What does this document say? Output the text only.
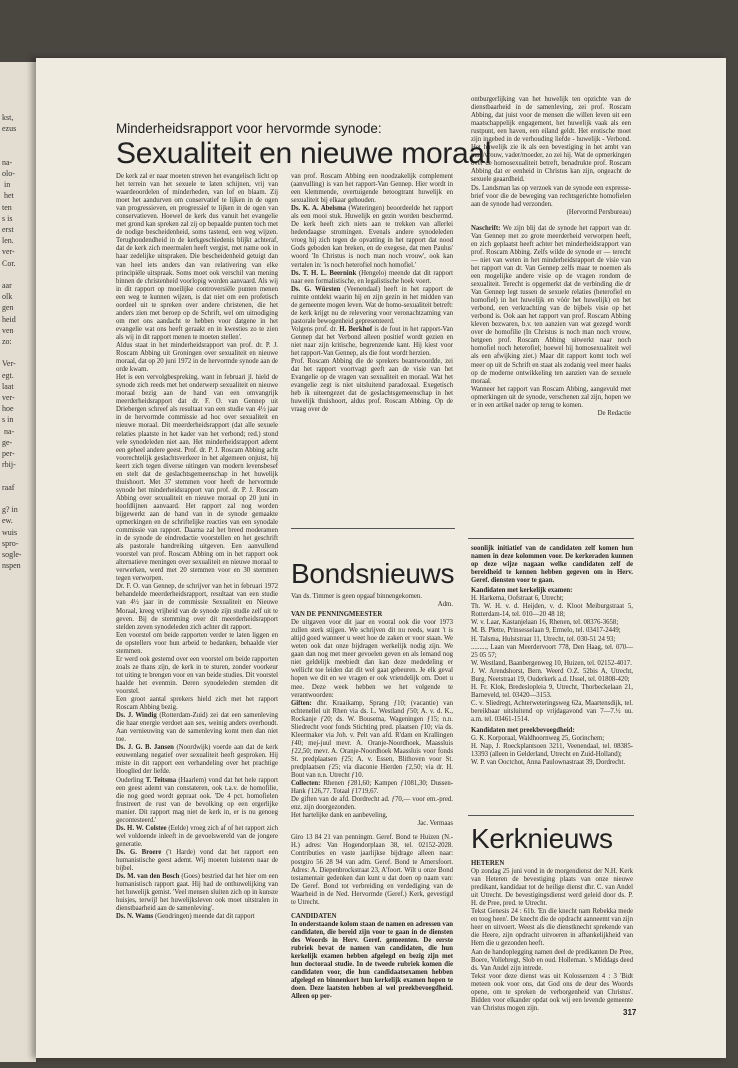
kst,
ezus

na-
olo-
in
het
ten
s is
erst
len.
ver-
Cor.

aar
olk
gen
heid
ven
zo:

Ver-
egt.
laat
ver-
hoe
s in
na-
ge-
per-
rbij-

raaf

g? in
ew.
wuis
spro-
sogle-
nspen
Minderheidsrapport voor hervormde synode:
Sexualiteit en nieuwe moraal

De kerk zal er naar moeten streven het evangelisch licht op het terrein van het sexuele te laten schijnen, vrij van waardeoordelen of minderheden, van lof en blaam. Zij moet het aandurven om conservatief te lijken in de ogen van progressieven, en progressief te lijken in de ogen van conservatieven. Hoewel de kerk dus vanuit het evangelie met grond kan spreken zal zij op bepaalde punten toch met de nodige bescheidenheid, soms tastend, een weg wijzen. Terughoudendheid in de kerkgeschiedenis blijkt achteraf, dat de kerk zich meermalen heeft vergist, met name ook in haar zedelijke uitspraken. Die bescheidenheid getuigt dan van heel iets anders dan van relativering van elke principiële uitspraak. Soms moet ook verschil van mening binnen de christenheid voorlopig worden aanvaard. Als wij in dit rapport op moeilijke controversiële punten menen een weg te kunnen wijzen, is dat niet om een profetisch oordeel uit te spreken over andere christenen, die het anders zien met beroep op de Schrift, wel om uitnodiging om met ons aandacht te hebben voor datgene in het evangelie wat ons heeft geraakt en in kwesties zo te zien als wij in dit rapport menen te moeten stellen'.

Aldus staat in het minderheidsrapport van prof. dr. P. J. Roscam Abbing uit Groningen over sexualiteit en nieuwe moraal, dat op 20 juni 1972 in de hervormde synode aan de orde kwam.

Het is een vervolgbespreking, want in februari jl. hield de synode zich reeds met het onderwerp sexualiteit en nieuwe moraal bezig aan de hand van een omvangrijk meerderheidsrapport dat dr. F. O. van Gennep uit Driebergen schreef als resultaat van een studie van 4½ jaar in de hervormde commissie ad hoc over sexualiteit en nieuwe moraal. Dit meerderheidsrapport (dat alle sexuele relaties plaatste in het kader van het verbond; red.) stond vele synodeleden niet aan. Het minderheidsrapport ademt een geheel andere geest. Prof. dr. P. J. Roscam Abbing acht voorechtelijk geslachtsverkeer in het algemeen onjuist, hij keert zich tegen diverse uitingen van modern levensbesef en stelt dat de geslachtsgemeenschap in het huwelijk thuishoort. Met 37 stemmen voor heeft de hervormde synode het minderheidsrapport van prof. dr. P. J. Roscam Abbing over sexualiteit en nieuwe moraal op 20 juni in hoofdlijnen aanvaard. Het rapport zal nog worden bijgewerkt aan de hand van in de synode gemaakte opmerkingen en de schriftelijke reacties van een synodale commissie van rapport. Daarna zal het breed moderamen in de synode de eindredactie voorstellen en het geschrift als pastorale handreiking uitgeven. Een aanvullend voorstel van prof. Roscam Abbing om in het rapport ook alternatieve meningen over sexualiteit en nieuwe moraal te verwerken, werd met 20 stemmen voor en 30 stemmen tegen verworpen.

Dr. F. O. van Gennep, de schrijver van het in februari 1972 behandelde meerderheidsrapport, resultaat van een studie van 4½ jaar in de commissie Sexualiteit en Nieuwe Moraal, kreeg vrijheid van de synode zijn studie zelf uit te geven. Bij de stemming over dit meerderheidsrapport stelden zeven synodeleden zich achter dit rapport.

Een voorstel om beide rapporten verder te laten liggen en de opstellers voor hun arbeid te bedanken, behaalde vier stemmen.

Er werd ook gestemd over een voorstel om beide rapporten zoals ze thans zijn, de kerk in te sturen, zonder voorkeur tot uiting te brengen voor en van beide studies. Dit voorstel haalde het evenmin. Deren synodeleden stemden dit voorstel.

Een groot aantal sprekers hield zich met het rapport Roscam Abbing bezig.

Ds. J. Windig (Rotterdam-Zuid) zei dat een samenleving die haar energie verdoet aan sex, weinig anders overhoudt. Aan vernieuwing van de samenleving komt men dan niet toe.

Ds. J. G. B. Jansen (Noordwijk) voerde aan dat de kerk eeuwenlang negatief over sexualiteit heeft gesproken. Hij miste in dit rapport een verhandeling over het prachtige Hooglied der liefde.

Ouderling T. Teitsma (Haarlem) vond dat het hele rapport een geest ademt van constateren, ook t.a.v. de homofilie, die nog goed wordt gepraat ook. 'De 4 pct. homofielen frustreert de rust van de bevolking op een ergerlijke manier. Dit rapport mag niet de kerk in, er is nu genoeg gecontesteerd.'

Ds. H. W. Colstee (Eelde) vroeg zich af of het rapport zich wel voldoende inleeft in de gevoelswereld van de jongere generatie.

Ds. G. Broere ('t Harde) vond dat het rapport een humanistische geest ademt. Wij moeten luisteren naar de bijbel.

Ds. M. van den Bosch (Goes) bestried dat het hier om een humanistisch rapport gaat. Hij had de onthuwelijking van het huwelijk gemist. 'Veel mensen sluiten zich op in kunsze huisjes, terwijl het huwelijksleven ook moet uitstralen in dienstbaarheid aan de samenleving'.

Ds. N. Wams (Gendringen) meende dat dit rapport

van prof. Roscam Abbing een noodzakelijk complement (aanvulling) is van het rapport-Van Gennep. Hier wordt in een klemmende, overtuigende betoogtrant huwelijk en sexualiteit bij elkaar gehouden.

Ds. K. A. Abelsma (Wateringen) beoordeelde het rapport als een mooi stuk. Huwelijk en gezin worden beschermd. De kerk heeft zich niets aan te trekken van allerlei hedendaagse stromingen. Evenals andere synodeleden vroeg hij zich tegen de opvatting in het rapport dat nood Gods geboden kan breken, en de exegese, dat men Paulus' woord 'In Christus is noch man noch vrouw', ook kan vertalen in: 'is noch heterofiel noch homofiel.'

Ds. T. H. L. Beernink (Hengelo) meende dat dit rapport naar een formalistische, en legalistische hoek voert.

Ds. G. Würsten (Veenendaal) heeft in het rapport de ruimte ontdekt waarin hij en zijn gezin in het midden van de gemeente mogen leven. Wat de homo-sexualiteit betreft: de kerk krijgt nu de relevering voor veronachtzaming van pastorale bewogenheid gepresenteerd.

Volgens prof. dr. H. Berkhof is de fout in het rapport-Van Gennep dat het Verbond alleen positief wordt gezien en niet naar zijn kritische, begrenzende kant. Hij kiest voor het rapport-Van Gennep, als die fout wordt herzien.

Prof. Roscam Abbing die de sprekers beantwoordde, zei dat het rapport voortvagt geeft aan de visie van het Evangelie op de vragen van sexualiteit en moraal. Wat het evangelie zegt is niet uitsluitend paradoxaal. Exegetisch heb ik uiteengezet dat de geslachtsgemeenschap in het huwelijk thuishoort, aldus prof. Roscam Abbing. Op de vraag over de

ontburgerlijking van het huwelijk ten opzichte van de dienstbaarheid in de samenleving, zei prof. Roscam Abbing, dat juist voor de mensen die willen leven uit een maatschappelijk engagement, het huwelijk vaak als een rustpunt, een haven, een eiland geldt. Het erotische moet zijn ingebed in de verhouding liefde - huwelijk - Verbond. Het huwelijk zie ik als een bevestiging in het ambt van man/vrouw, vader/moeder, zo zei hij. Wat de opmerkingen over de homosexualiteit betreft, benadrukte prof. Roscam Abbing dat er eenheid in Christus kan zijn, ongeacht de sexuele geaardheid.

Ds. Landsman las op verzoek van de synode een expresse-brief voor die de beweging van rechtsgerichte homofielen aan de synode had verzonden.

(Hervormd Persbureau)

Naschrift: We zijn blij dat de synode het rapport van dr. Van Gennep met zo grote meerderheid verworpen heeft, en zich geplaatst heeft achter het minderheidsrapport van prof. Roscam Abbing. Zelfs wilde de synode er — terecht — niet van weten in het minderheidsrapport de visie van het rapport van dr. Van Gennep zelfs maar te noemen als een mogelijke andere visie op de vragen rondom de sexualiteit. Terecht is opgemerkt dat de verbinding die dr Van Gennep legt tussen de sexuele relaties (heterofiel en homofiel) in het huwelijk en vóór het huwelijk) en het verbond, een verkrachting van de bijbels visie op het verbond is. Ook aan het rapport van prof. Roscam Abbing kleven bezwaren, b.v. ten aanzien van wat gezegd wordt over de homofilie (In Christus is noch man noch vrouw, hetgeen prof. Roscam Abbing uitwerkt naar noch homofiel noch heterofiel; hoewel hij homosexualiteit wel als een afwijking ziet.) Maar dit rapport komt toch wel meer op uit de Schrift en staat als zodanig veel meer haaks op de moderne ontwikkeling ten aanzien van de sexuele moraal.

Wanneer het rapport van Roscam Abbing, aangevuld met opmerkingen uit de synode, verschenen zal zijn, hopen we er in een artikel nader op terug te komen.

De Redactie

Bondsnieuws

Van ds. Timmer is geen opgaaf binnengekomen.

Adm.

VAN DE PENNINGMEESTER

De uitgaven voor dit jaar en vooral ook die voor 1973 zullen sterk stijgen. We schrijven dit nu reeds, want 't is altijd goed wanneer u weet hoe de zaken er voor staan. We weten ook dat onze bijdragen werkelijk nodig zijn. We gaan dan nog met meer gevoelen geven en als lemand nog niet geldelijk meebiedt dan kan deze mededeling er wellicht toe leiden dat dit wel gaat gebeuren. Je elk geval hopen we dit en we vragen er ook vriendelijk om. Doet u mee. Deze week hebben we het volgende te verantwoorden:

Giften: dhr. Kraaikamp, Sprang ƒ10; (vacantie) van echtenellel uit Rhen via ds. L. Westland ƒ50; A. v. d. K., Rockanje ƒ20; ds. W. Bousema, Wageningen ƒ15; n.n. Sliedrecht voor fonds Stichting pred. plaatsen ƒ10; via ds. Kleermaker via Joh. v. Pelt van afd. R'dam en Krallingen ƒ40; mej-juul mevr. A. Oranje-Noordhoek, Maassluis ƒ22,50; mevr. A. Oranje-Noordhoek Maassluis voor fonds St. predplaatsen ƒ25; A. v. Essen, Blithoven voor St. predplaatsen ƒ25; via diaconie Hierden ƒ2,50; via dr. H. Bout van n.n. Utrecht ƒ10.

Collecten: Rhenen ƒ281,60; Kampen ƒ1081,30; Dussen-Hank ƒ126,77. Totaal ƒ1719,67.

De giften van de afd. Dordrecht ad. ƒ70,— voor em.-pred. enz. zijn doorgezonden.

Het hartelijke dank en aanbeveling,

Jac. Vermaas

Giro 13 84 21 van penningm. Geref. Bond te Huizen (N.-H.) adres: Van Hogendorplaan 38, tel. 02152-2028. Contributies en vaste jaarlijkse bijdrage alleen naar: postgiro 56 28 94 van adm. Geref. Bond te Amersfoort. Adres: A. Diepenbrockstraat 23, A'foort. Wilt u onze Bond testamentair gedenken dan kunt u dat doen op naam van: De Geref. Bond tot verbreiding en verdediging van de Waarheid in de Ned. Hervormde (Geref.) Kerk, gevestigd te Utrecht.

CANDIDATEN

In onderstaande kolom staan de namen en adressen van candidaten, die bereid zijn voor te gaan in de diensten des Woords in Herv. Geref. gemeenten. De eerste rubriek bevat de namen van candidaten, die hun kerkelijk examen hebben afgelegd en bezig zijn met hun doctoraal studie. In de tweede rubriek komen die candidaten voor, die hun candidaatsexamen hebben afgelegd en binnenkort hun kerkelijk examen hopen te doen. Deze laatsten hebben al wel preekbevoegdheid. Alleen op per-

soonlijk initiatief van de candidaten zelf komen hun namen in deze kolommen voor. De kerkeraden kunnen op deze wijze nagaan welke candidaten zelf de bereidheid te kennen hebben gegeven om in Herv. Geref. diensten voor te gaan.

Kandidaten met kerkelijk examen:

H. Harkema, Oofstraat 6, Utrecht;

Th. W. H. v. d. Heijden, v. d. Kloot Meiburgstraat 5, Rotterdam-14, tel. 010—20 48 18;

W. v. Laar, Kastanjelaan 16, Rhenen, tel. 08376-3658;

M. B. Plette, Prinsesselaan 9, Ermelo, tel. 03417-2449;

H. Talsma, Hulststraat 11, Utrecht, tel. 030-51 24 93;

........., Laan van Meerdervoort 778, Den Haag, tel. 070—25 05 57;

W. Westland, Baanbergenweg 10, Huizen, tel. 02152-4017.

J. W. Arendshorst, Bern. Weerd O.Z. 52bis A, Utrecht, Burg. Neetstraat 19, Ouderkerk a.d. IJssel, tel. 01808-420;

H. Fr. Klok, Bredeslopleia 9, Utrecht, Thorbeckelaan 21, Barneveld, tel. 03420—3153.

C. v. Sliedregt, Achterweteringsweg 62a, Maartensdijk, tel. bereikbaar uitsluitend op vrijdagavond van 7—7.½ uu. a.m. tel. 03461-1514.

Kandidaten met preekbevoegdheid:

G. K. Korporaal, Waldhoornweg 25, Gorinchem;

H. Nap, J. Roeckplantsoen 3211, Veenendaal, tel. 08385-13393 (alleen in Gelderland, Utrecht en Zuid-Holland);

W. P. van Ooctchot, Anna Paulownastraat 39, Dordrecht.

Kerknieuws

HETEREN

Op zondag 25 juni vond in de morgendienst der N.H. Kerk van Heteren de bevestiging plaats van onze nieuwe predikant, kandidaat tot de heilige dienst dhr. C. van Andel uit Utrecht. De bevestigingsdienst werd geleid door ds. P. H. de Pree, pred. te Utrecht.

Tekst Genesis 24 : 61b. 'En die knecht nam Rebekka mede en toog heen'. De knecht die de opdracht aanneemt van zijn heer en uitvoert. Weest als die dienstknecht sprekende van die Heere, zijn opdracht uitvoeren in afhankelijkheid van Hem die u gezonden heeft.

Aan de handoplegging namen deel de predikanten De Pree, Boere, Vollebregt, Slob en oud. Holleman. 's Middags deed ds. Van Andel zijn intrede.

Tekst voor deze dienst was uit Kolossenzen 4 : 3 'Bidt meteen ook voor ons, dat God ons de deur des Woords opene, om te spreken de verborgenheid van Christus'. Bidden voor elkander opdat ook wij een levende gemeente van Christus mogen zijn.	317
